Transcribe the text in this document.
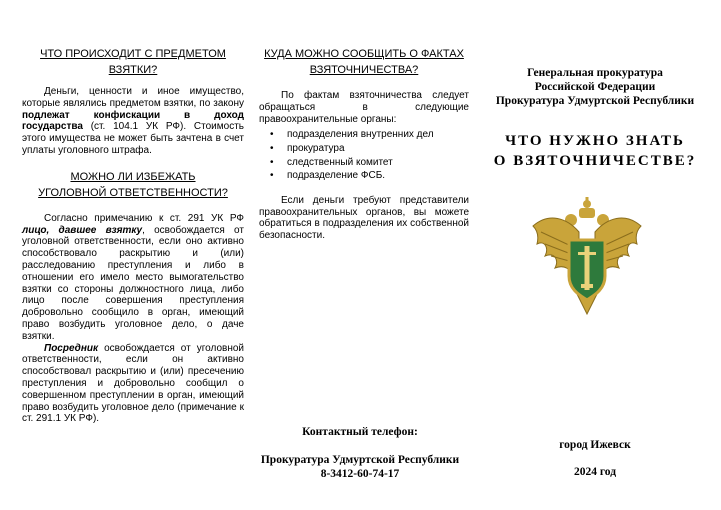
ЧТО ПРОИСХОДИТ С ПРЕДМЕТОМ
ВЗЯТКИ?

Деньги, ценности и иное имущество, которые являлись предметом взятки, по закону подлежат конфискации в доход государства (ст. 104.1 УК РФ). Стоимость этого имущества не может быть зачтена в счет уплаты уголовного штрафа.

МОЖНО ЛИ ИЗБЕЖАТЬ
УГОЛОВНОЙ ОТВЕТСТВЕННОСТИ?

Согласно примечанию к ст. 291 УК РФ лицо, давшее взятку, освобождается от уголовной ответственности, если оно активно способствовало раскрытию и (или) расследованию преступления и либо в отношении его имело место вымогательство взятки со стороны должностного лица, либо лицо после совершения преступления добровольно сообщило в орган, имеющий право возбудить уголовное дело, о даче взятки.

Посредник освобождается от уголовной ответственности, если он активно способствовал раскрытию и (или) пресечению преступления и добровольно сообщил о совершенном преступлении в орган, имеющий право возбудить уголовное дело (примечание к ст. 291.1 УК РФ).

КУДА МОЖНО СООБЩИТЬ О ФАКТАХ
ВЗЯТОЧНИЧЕСТВА?

По фактам взяточничества следует обращаться в следующие правоохранительные органы:

• подразделения внутренних дел
• прокуратура
• следственный комитет
• подразделение ФСБ.

Если деньги требуют представители правоохранительных органов, вы можете обратиться в подразделения их собственной безопасности.

Контактный телефон:
Прокуратура Удмуртской Республики
8-3412-60-74-17
Генеральная прокуратура
Российской Федерации
Прокуратура Удмуртской Республики
ЧТО НУЖНО ЗНАТЬ
О ВЗЯТОЧНИЧЕСТВЕ?
город Ижевск
2024 год
